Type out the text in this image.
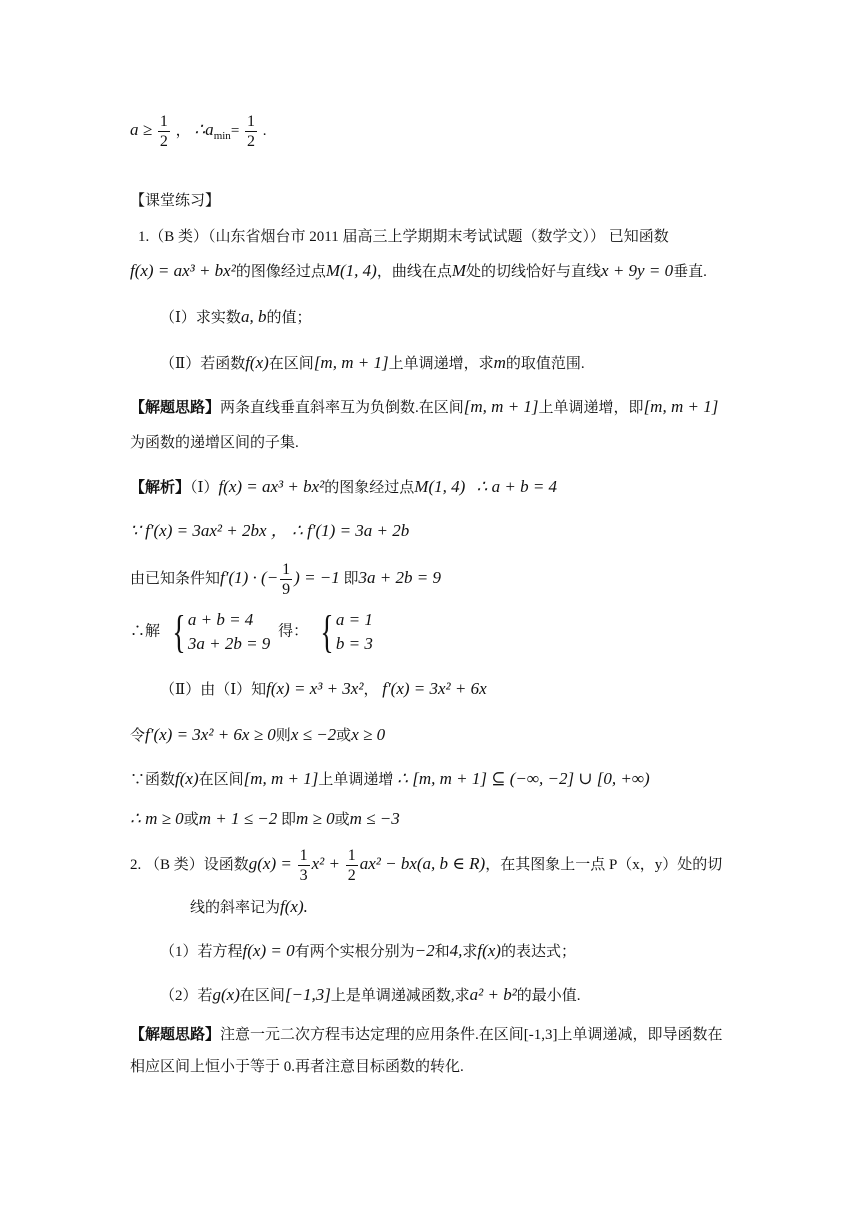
$a \ge \frac{1}{2}$ ， $\therefore a_{min}= \frac{1}{2}$ .
【课堂练习】
1.（B 类）（山东省烟台市 2011 届高三上学期期末考试试题（数学文）） 已知函数
f(x) = ax³ + bx²的图像经过点M(1, 4)，曲线在点M处的切线恰好与直线x + 9y = 0垂直.
（Ⅰ）求实数a, b的值；
（Ⅱ）若函数f(x)在区间[m, m + 1]上单调递增，求m的取值范围.
【解题思路】两条直线垂直斜率互为负倒数.在区间[m, m + 1]上单调递增，即[m, m + 1]
为函数的递增区间的子集.
【解析】（Ⅰ）f(x) = ax³ + bx²的图象经过点M(1, 4) ∴ a + b = 4
∵ f′(x) = 3ax² + 2bx ， ∴ f′(1) = 3a + 2b
由已知条件知f′(1) · (− $\frac{1}{9}$ ) = −1 即3a + 2b = 9
∴解 { a + b = 4
3a + 2b = 9
得： { a = 1
b = 3
（Ⅱ）由（Ⅰ）知f(x) = x³ + 3x²， f′(x) = 3x² + 6x
令f′(x) = 3x² + 6x ≥ 0则x ≤ −2或x ≥ 0
∵函数f(x)在区间[m, m + 1]上单调递增 ∴ [m, m + 1] ⊆ (−∞, −2] ∪ [0, +∞)
∴ m ≥ 0或m + 1 ≤ −2 即m ≥ 0或m ≤ −3
2. （B 类）设函数$g(x) = \frac{1}{3} x^2 + \frac{1}{2} ax^2 - bx(a$, b ∈ R)，在其图象上一点 P（x，y）处的切
线的斜率记为f(x).
（1）若方程f(x) = 0有两个实根分别为−2和4,求f(x)的表达式；
（2）若g(x)在区间[−1,3]上是单调递减函数,求a² + b²的最小值.
【解题思路】注意一元二次方程韦达定理的应用条件.在区间[-1,3]上单调递减，即导函数在
相应区间上恒小于等于 0.再者注意目标函数的转化.
